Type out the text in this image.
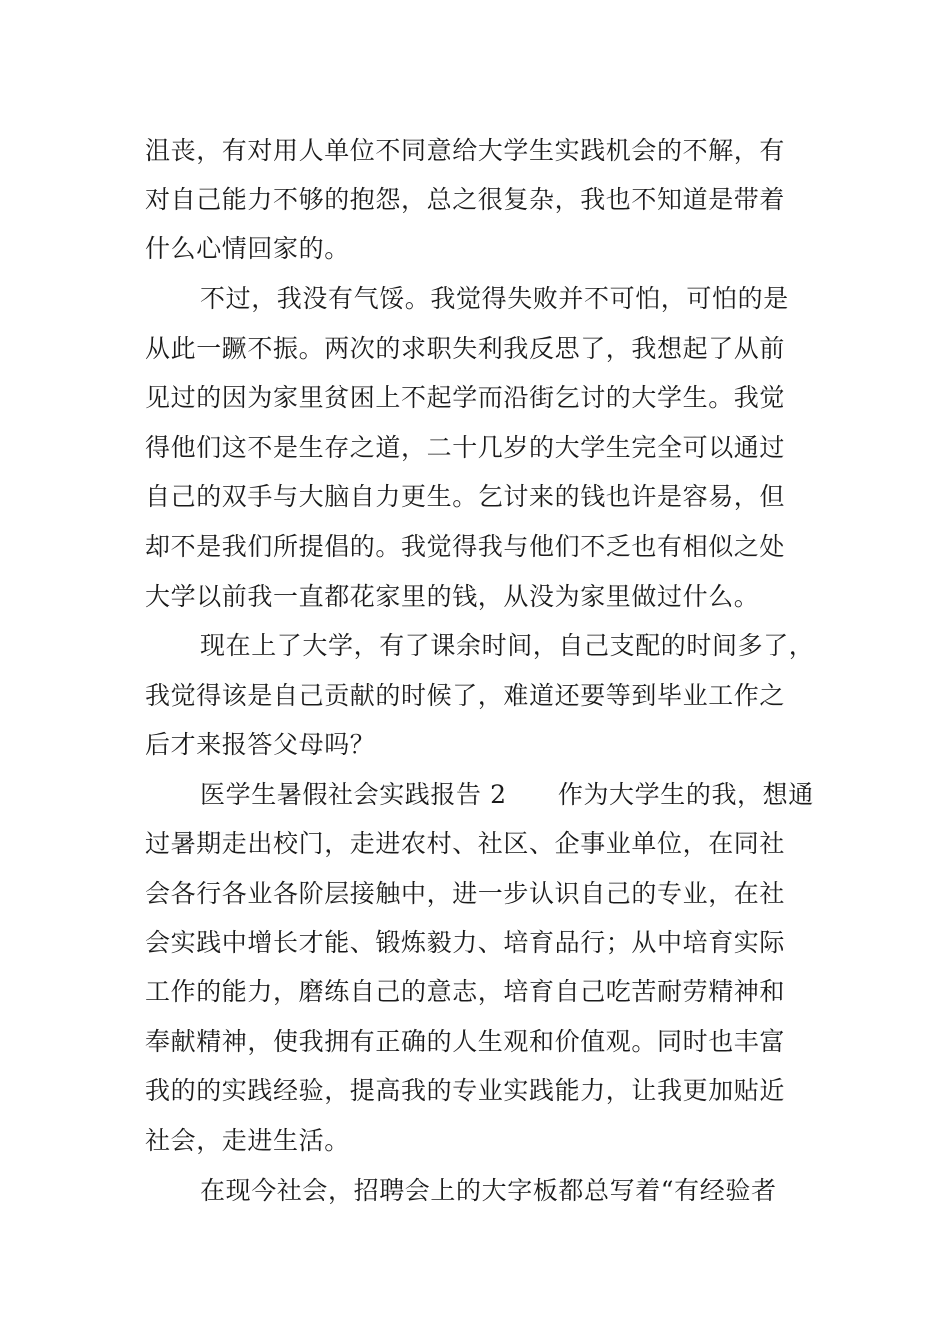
沮丧，有对用人单位不同意给大学生实践机会的不解，有
对自己能力不够的抱怨，总之很复杂，我也不知道是带着
什么心情回家的。
不过，我没有气馁。我觉得失败并不可怕，可怕的是
从此一蹶不振。两次的求职失利我反思了，我想起了从前
见过的因为家里贫困上不起学而沿街乞讨的大学生。我觉
得他们这不是生存之道，二十几岁的大学生完全可以通过
自己的双手与大脑自力更生。乞讨来的钱也许是容易，但
却不是我们所提倡的。我觉得我与他们不乏也有相似之处
大学以前我一直都花家里的钱，从没为家里做过什么。
现在上了大学，有了课余时间，自己支配的时间多了，
我觉得该是自己贡献的时候了，难道还要等到毕业工作之
后才来报答父母吗？
医学生暑假社会实践报告 2　　作为大学生的我，想通
过暑期走出校门，走进农村、社区、企事业单位，在同社
会各行各业各阶层接触中，进一步认识自己的专业，在社
会实践中增长才能、锻炼毅力、培育品行；从中培育实际
工作的能力，磨练自己的意志，培育自己吃苦耐劳精神和
奉献精神，使我拥有正确的人生观和价值观。同时也丰富
我的的实践经验，提高我的专业实践能力，让我更加贴近
社会，走进生活。
在现今社会，招聘会上的大字板都总写着“有经验者
